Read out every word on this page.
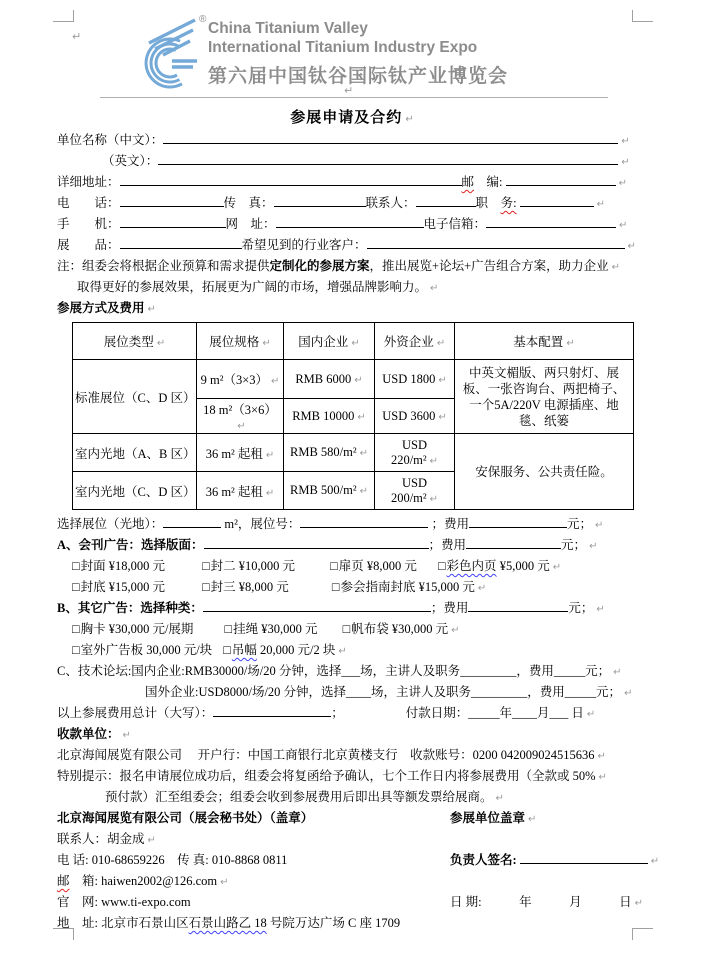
↵
↵
®
China Titanium Valley
International Titanium Industry Expo
第六届中国钛谷国际钛产业博览会
参展申请及合约 ↵
单位名称（中文）：	↵
（英文）：	↵
详细地址：	邮　编:	↵
电　　话：	传　真：	联系人：	职　务:	↵
手　　机：	网　址：	电子信箱：	↵
展　　品：	希望见到的行业客户：	↵
注：组委会将根据企业预算和需求提供定制化的参展方案，推出展览+论坛+广告组合方案，助力企业 ↵
取得更好的参展效果，拓展更为广阔的市场，增强品牌影响力。 ↵
参展方式及费用 ↵
展位类型 ↵	展位规格 ↵	国内企业 ↵	外资企业 ↵	基本配置 ↵
标准展位（C、D 区）	9 m²（3×3） ↵	RMB 6000 ↵	USD 1800 ↵	中英文楣版、两只射灯、展板、一张咨询台、两把椅子、一个5A/220V 电源插座、地毯、纸篓
	18 m²（3×6）↵	RMB 10000 ↵	USD 3600 ↵	
室内光地（A、B 区）	36 m² 起租 ↵	RMB 580/m² ↵	USD 220/m² ↵	安保服务、公共责任险。
室内光地（C、D 区）	36 m² 起租 ↵	RMB 500/m² ↵	USD 200/m² ↵	
选择展位（光地）：	m²，展位号：	；费用	元； ↵
A、会刊广告：选择版面：	；费用	元； ↵
□封面 ¥18,000 元	□封二 ¥10,000 元	□扉页 ¥8,000 元 □彩色内页 ¥5,000 元 ↵
□封底 ¥15,000 元	□封三 ¥8,000 元	□参会指南封底 ¥15,000 元 ↵
B、其它广告：选择种类：	；费用	元； ↵
□胸卡 ¥30,000 元/展期 □挂绳 ¥30,000 元 □帆布袋 ¥30,000 元 ↵
□室外广告板 30,000 元/块 □吊幅 20,000 元/2 块 ↵
C、技术论坛:国内企业:RMB30000/场/20 分钟，选择___场，主讲人及职务_________，费用_____元； ↵
国外企业:USD8000/场/20 分钟，选择____场，主讲人及职务_________，费用_____元； ↵
以上参展费用总计（大写）：	；	付款日期：_____年____月___ 日 ↵
收款单位： ↵
北京海闻展览有限公司　 开户行：中国工商银行北京黄楼支行　收款账号：0200 042009024515636 ↵
特别提示：报名申请展位成功后，组委会将复函给予确认，七个工作日内将参展费用（全款或 50% ↵
预付款）汇至组委会；组委会收到参展费用后即出具等额发票给展商。 ↵
北京海闻展览有限公司（展会秘书处）（盖章）	参展单位盖章 ↵
联系人：胡金成 ↵
电 话: 010-68659226　传 真: 010-8868 0811	负责人签名:	↵
邮　箱: haiwen2002@126.com ↵
官　网: www.ti-expo.com	日 期:　　　年　　　月　　　日 ↵
地　址: 北京市石景山区石景山路乙 18 号院万达广场 C 座 1709
